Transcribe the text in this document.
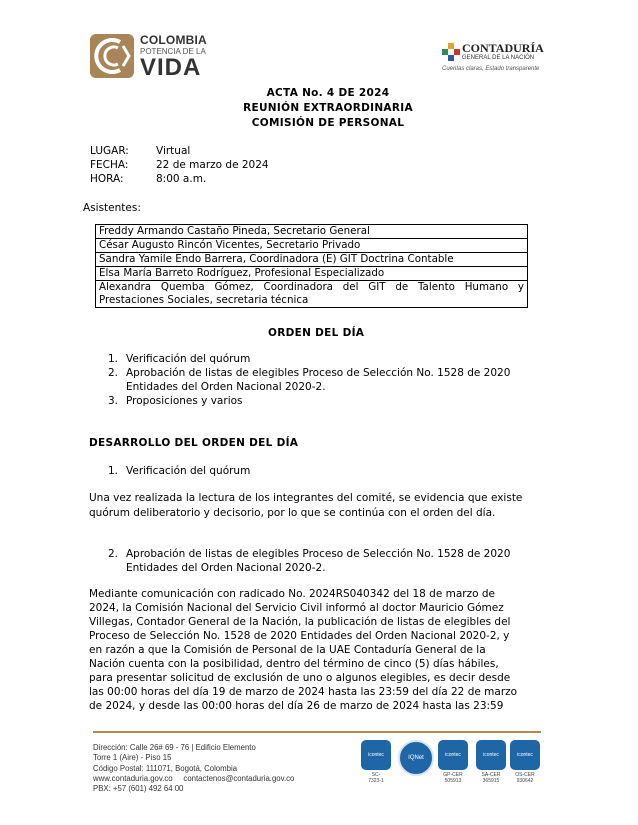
COLOMBIA
POTENCIA DE LA
VIDA
CONTADURÍA
GENERAL DE LA NACIÓN
Cuentas claras, Estado transparente
ACTA No. 4 DE 2024
REUNIÓN EXTRAORDINARIA
COMISIÓN DE PERSONAL
LUGAR:	Virtual
FECHA:	22 de marzo de 2024
HORA:	8:00 a.m.
Asistentes:
Freddy Armando Castaño Pineda, Secretario General
César Augusto Rincón Vicentes, Secretario Privado
Sandra Yamile Endo Barrera, Coordinadora (E) GIT Doctrina Contable
Elsa María Barreto Rodríguez, Profesional Especializado
Alexandra Quemba Gómez, Coordinadora del GIT de Talento Humano y Prestaciones Sociales, secretaria técnica
ORDEN DEL DÍA
1. Verificación del quórum
2. Aprobación de listas de elegibles Proceso de Selección No. 1528 de 2020
Entidades del Orden Nacional 2020-2.
3. Proposiciones y varios
DESARROLLO DEL ORDEN DEL DÍA
1. Verificación del quórum
Una vez realizada la lectura de los integrantes del comité, se evidencia que existe
quórum deliberatorio y decisorio, por lo que se continúa con el orden del día.
2. Aprobación de listas de elegibles Proceso de Selección No. 1528 de 2020
Entidades del Orden Nacional 2020-2.
Mediante comunicación con radicado No. 2024RS040342 del 18 de marzo de
2024, la Comisión Nacional del Servicio Civil informó al doctor Mauricio Gómez
Villegas, Contador General de la Nación, la publicación de listas de elegibles del
Proceso de Selección No. 1528 de 2020 Entidades del Orden Nacional 2020-2, y
en razón a que la Comisión de Personal de la UAE Contaduría General de la
Nación cuenta con la posibilidad, dentro del término de cinco (5) días hábiles,
para presentar solicitud de exclusión de uno o algunos elegibles, es decir desde
las 00:00 horas del día 19 de marzo de 2024 hasta las 23:59 del día 22 de marzo
de 2024, y desde las 00:00 horas del día 26 de marzo de 2024 hasta las 23:59
Dirección: Calle 26# 69 - 76 | Edificio Elemento
Torre 1 (Aire) - Piso 15
Código Postal: 111071, Bogotá, Colombia
www.contaduria.gov.co     contactenos@contaduria.gov.co
PBX: +57 (601) 492 64 00
icontec
SC-
7323-1
IQNet	icontec
GP-CER
505913
icontec
SA-CER
365915
icontec
OS-CER
930642
